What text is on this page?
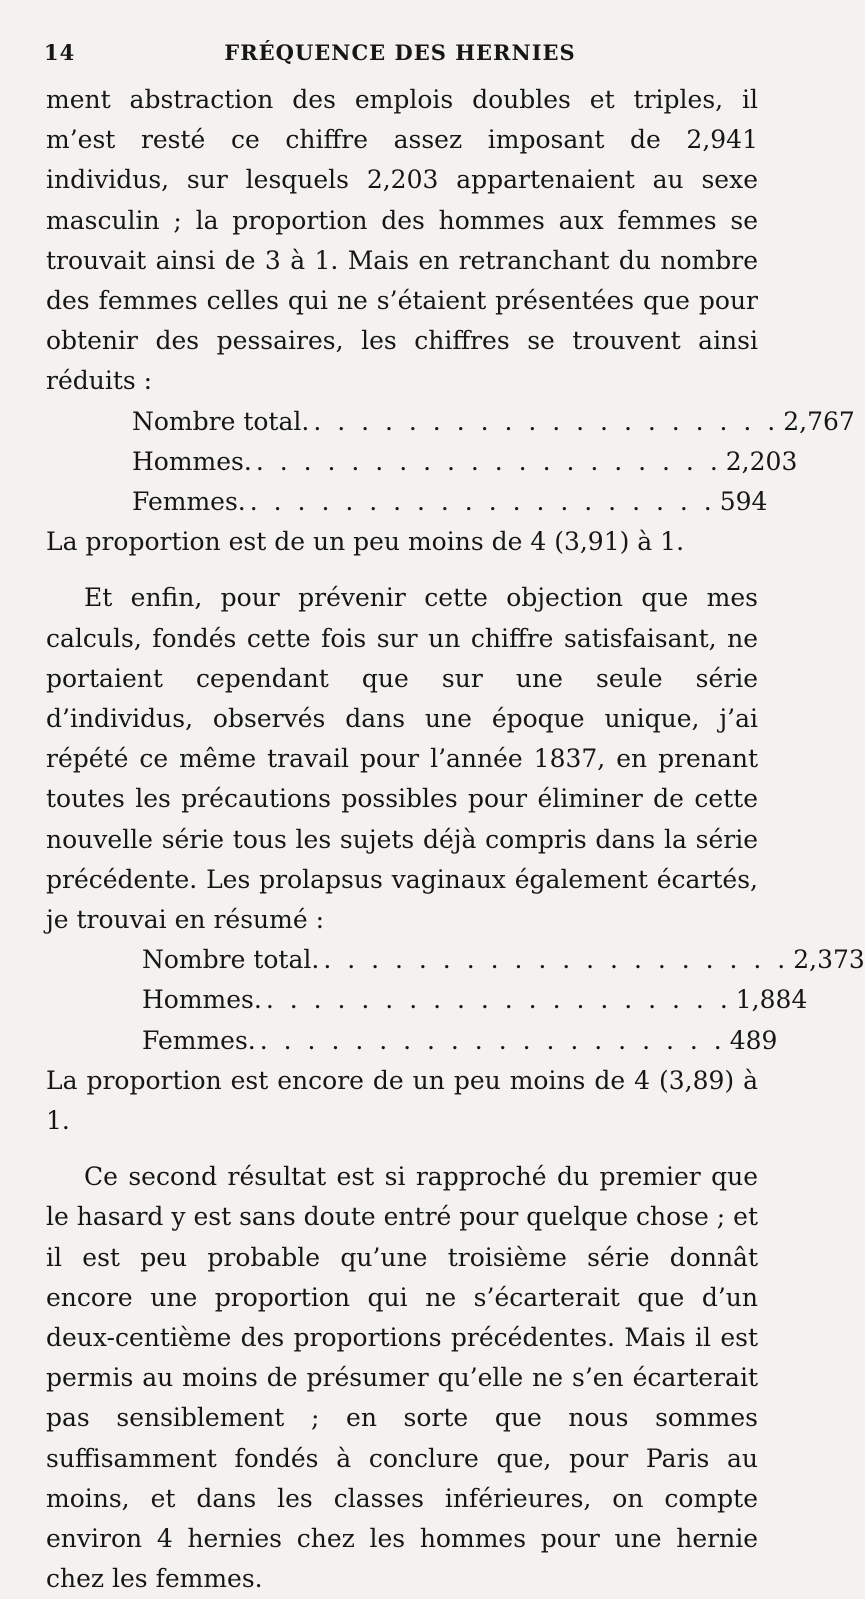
14	FRÉQUENCE DES HERNIES

ment abstraction des emplois doubles et triples, il m’est resté ce chiffre assez imposant de 2,941 individus, sur lesquels 2,203 appartenaient au sexe masculin ; la proportion des hommes aux femmes se trouvait ainsi de 3 à 1. Mais en retranchant du nombre des femmes celles qui ne s’étaient présentées que pour obtenir des pessaires, les chiffres se trouvent ainsi réduits :

Nombre total. . . . . . . . . . . . . . . . . . . . . 2,767
Hommes. . . . . . . . . . . . . . . . . . . . . 2,203
Femmes. . . . . . . . . . . . . . . . . . . . . 594

La proportion est de un peu moins de 4 (3,91) à 1.

Et enfin, pour prévenir cette objection que mes calculs, fondés cette fois sur un chiffre satisfaisant, ne portaient cependant que sur une seule série d’individus, observés dans une époque unique, j’ai répété ce même travail pour l’année 1837, en prenant toutes les précautions possibles pour éliminer de cette nouvelle série tous les sujets déjà compris dans la série précédente. Les prolapsus vaginaux également écartés, je trouvai en résumé :

Nombre total. . . . . . . . . . . . . . . . . . . . . 2,373
Hommes. . . . . . . . . . . . . . . . . . . . . 1,884
Femmes. . . . . . . . . . . . . . . . . . . . . 489

La proportion est encore de un peu moins de 4 (3,89) à 1.

Ce second résultat est si rapproché du premier que le hasard y est sans doute entré pour quelque chose ; et il est peu probable qu’une troisième série donnât encore une proportion qui ne s’écarterait que d’un deux-centième des proportions précédentes. Mais il est permis au moins de présumer qu’elle ne s’en écarterait pas sensiblement ; en sorte que nous sommes suffisamment fondés à conclure que, pour Paris au moins, et dans les classes inférieures, on compte environ 4 hernies chez les hommes pour une hernie chez les femmes.
